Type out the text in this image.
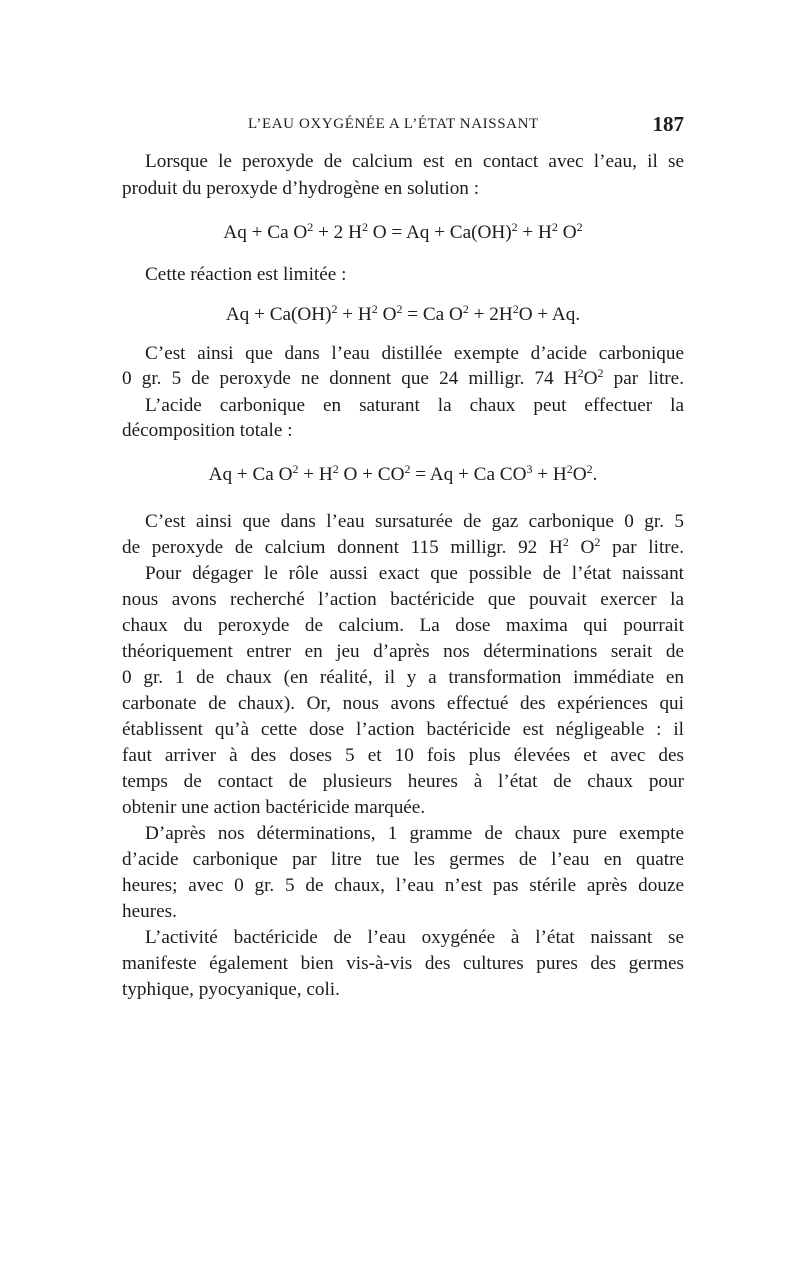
L’EAU OXYGÉNÉE A L’ÉTAT NAISSANT	187
Lorsque le peroxyde de calcium est en contact avec l’eau, il se
produit du peroxyde d’hydrogène en solution :
Aq + Ca $O^2 + 2$ $H^2$ $O = Aq + Ca(OH)^2 + H^2$ $O^2$
Cette réaction est limitée :
$Aq + Ca(OH)^2 + H^2$ $O^2 = Ca$ $O^2 + 2H^2O + Aq$.
C’est ainsi que dans l’eau distillée exempte d’acide carbonique
0 gr. 5 de peroxyde ne donnent que 24 milligr. 74 $H^2O^2$ par litre.
L’acide carbonique en saturant la chaux peut effectuer la
décomposition totale :
Aq + Ca $O^2 + H^2$ $O + CO^2 = Aq + Ca$ $CO^3 + H^2O^2$.
C’est ainsi que dans l’eau sursaturée de gaz carbonique 0 gr. 5
de peroxyde de calcium donnent 115 milligr. 92 $H^2$ $O^2$ par litre.
Pour dégager le rôle aussi exact que possible de l’état naissant
nous avons recherché l’action bactéricide que pouvait exercer la
chaux du peroxyde de calcium. La dose maxima qui pourrait
théoriquement entrer en jeu d’après nos déterminations serait de
0 gr. 1 de chaux (en réalité, il y a transformation immédiate en
carbonate de chaux). Or, nous avons effectué des expériences qui
établissent qu’à cette dose l’action bactéricide est négligeable : il
faut arriver à des doses 5 et 10 fois plus élevées et avec des
temps de contact de plusieurs heures à l’état de chaux pour
obtenir une action bactéricide marquée.
D’après nos déterminations, 1 gramme de chaux pure exempte
d’acide carbonique par litre tue les germes de l’eau en quatre
heures; avec 0 gr. 5 de chaux, l’eau n’est pas stérile après douze
heures.
L’activité bactéricide de l’eau oxygénée à l’état naissant se
manifeste également bien vis-à-vis des cultures pures des germes
typhique, pyocyanique, coli.
